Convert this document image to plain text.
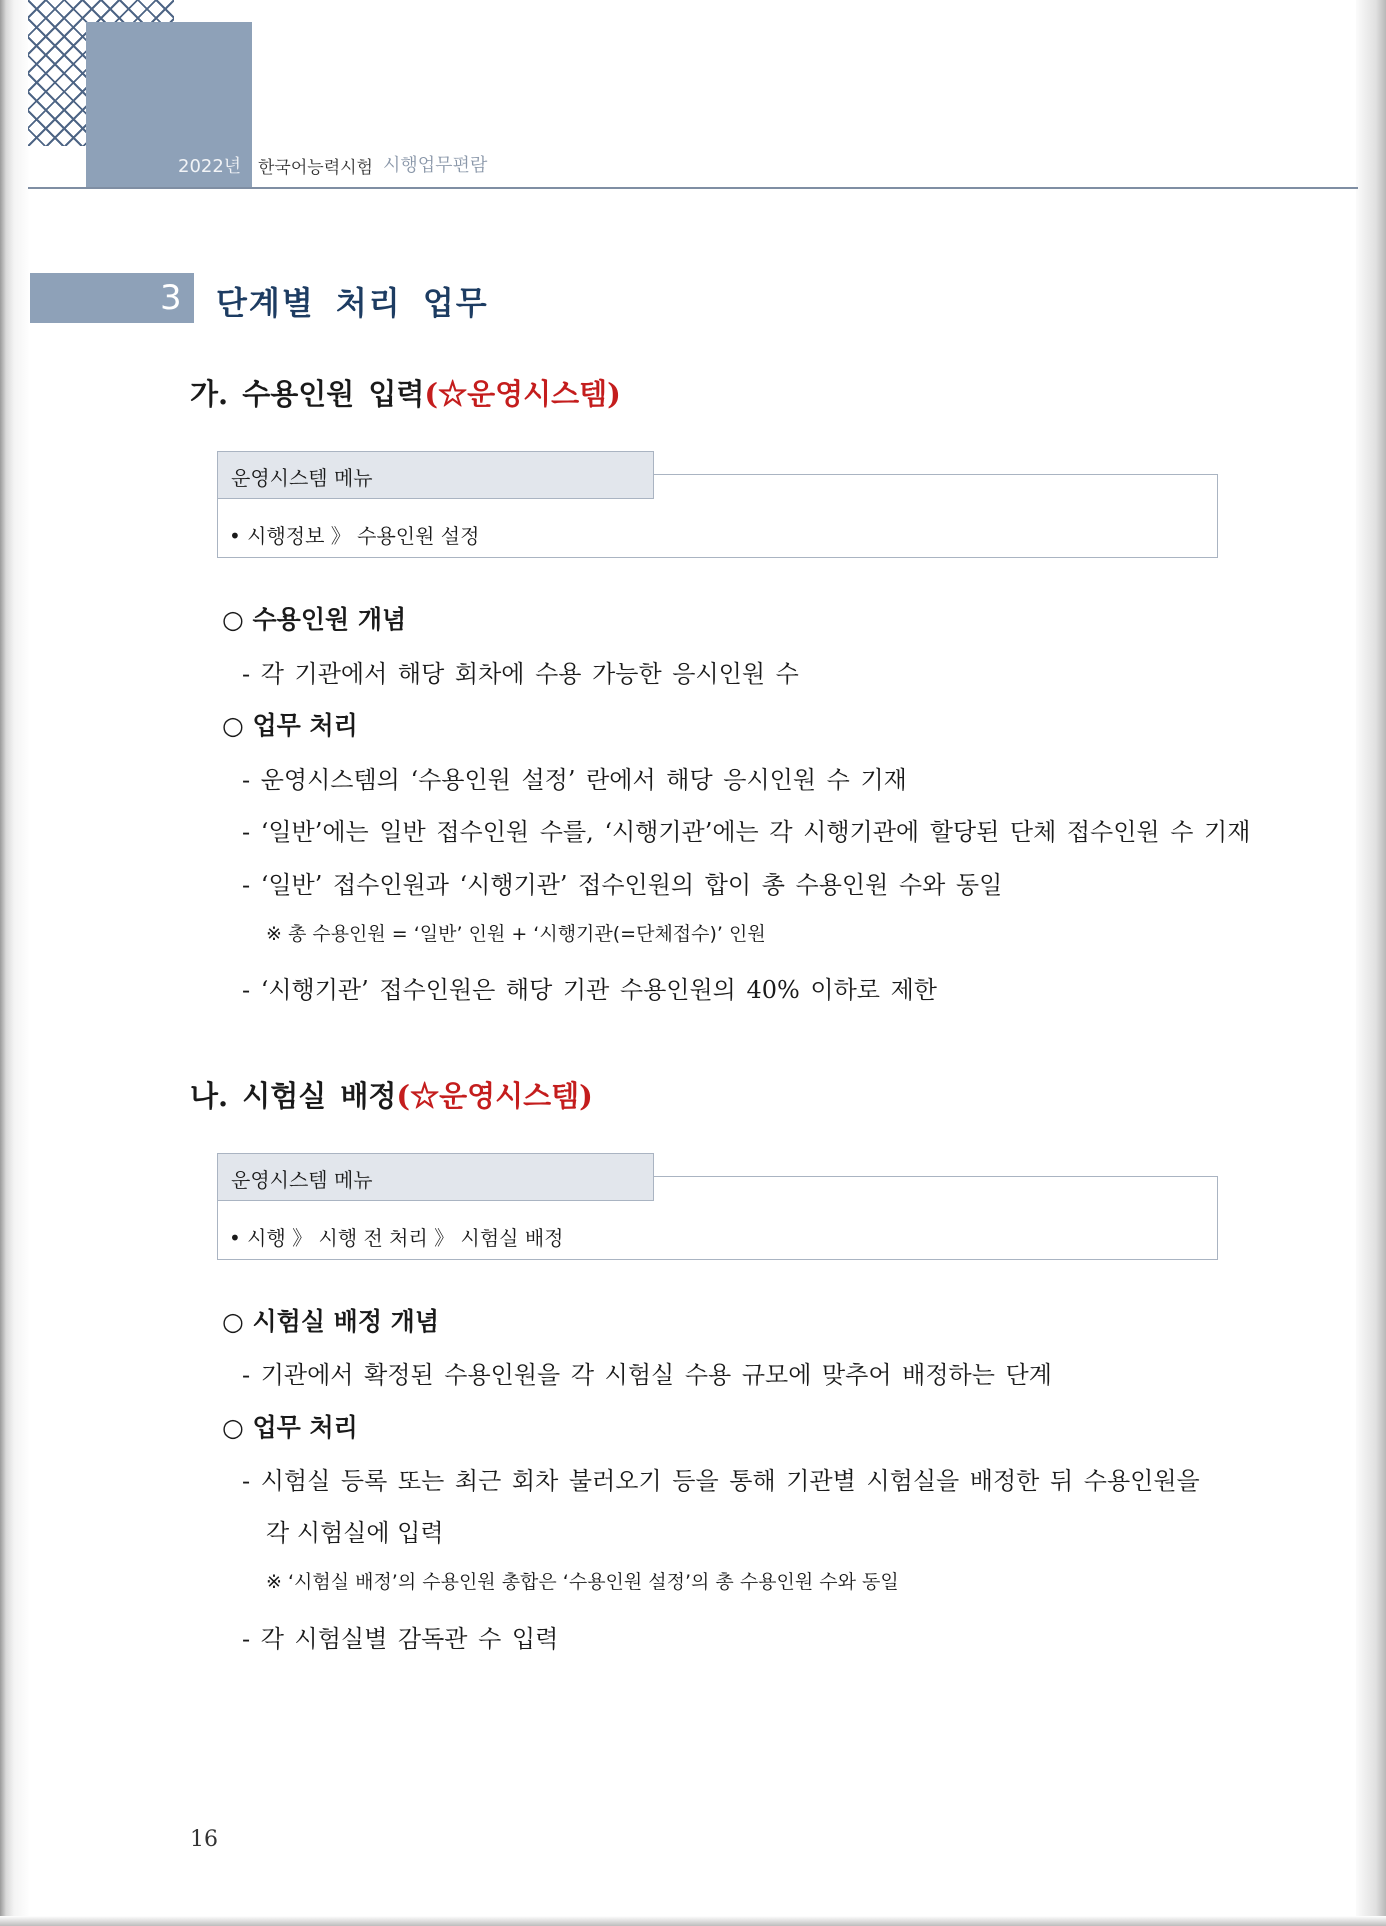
2022년 한국어능력시험 시행업무편람
3 단계별 처리 업무
가. 수용인원 입력(☆운영시스템)
운영시스템 메뉴
• 시행정보 》 수용인원 설정
○ 수용인원 개념
- 각 기관에서 해당 회차에 수용 가능한 응시인원 수
○ 업무 처리
- 운영시스템의 ‘수용인원 설정’ 란에서 해당 응시인원 수 기재
- ‘일반’에는 일반 접수인원 수를, ‘시행기관’에는 각 시행기관에 할당된 단체 접수인원 수 기재
- ‘일반’ 접수인원과 ‘시행기관’ 접수인원의 합이 총 수용인원 수와 동일
※ 총 수용인원 = ‘일반’ 인원 + ‘시행기관(=단체접수)’ 인원
- ‘시행기관’ 접수인원은 해당 기관 수용인원의 40% 이하로 제한
나. 시험실 배정(☆운영시스템)
운영시스템 메뉴
• 시행 》 시행 전 처리 》 시험실 배정
○ 시험실 배정 개념
- 기관에서 확정된 수용인원을 각 시험실 수용 규모에 맞추어 배정하는 단계
○ 업무 처리
- 시험실 등록 또는 최근 회차 불러오기 등을 통해 기관별 시험실을 배정한 뒤 수용인원을
각 시험실에 입력
※ ‘시험실 배정’의 수용인원 총합은 ‘수용인원 설정’의 총 수용인원 수와 동일
- 각 시험실별 감독관 수 입력
16
